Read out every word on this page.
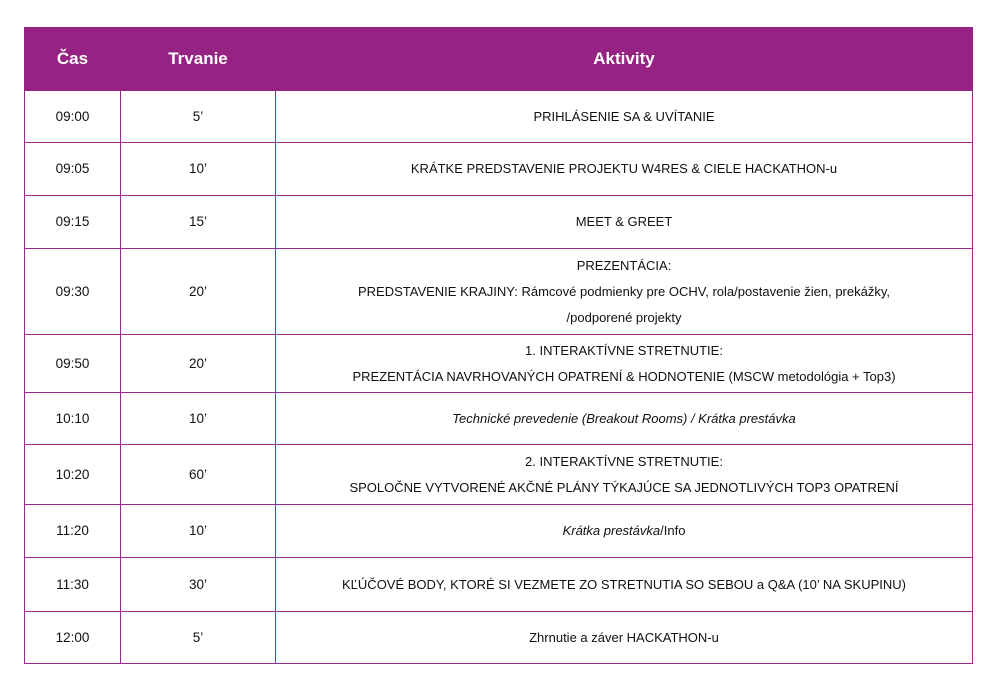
Čas	Trvanie	Aktivity
09:00	5’	PRIHLÁSENIE SA & UVÍTANIE
09:05	10’	KRÁTKE PREDSTAVENIE PROJEKTU W4RES & CIELE HACKATHON-u
09:15	15’	MEET & GREET
09:30	20’	PREZENTÁCIA:
PREDSTAVENIE KRAJINY: Rámcové podmienky pre OCHV, rola/postavenie žien, prekážky,
/podporené projekty

09:50	20’	1. INTERAKTÍVNE STRETNUTIE:
PREZENTÁCIA NAVRHOVANÝCH OPATRENÍ & HODNOTENIE (MSCW metodológia + Top3)

10:10	10’	Technické prevedenie (Breakout Rooms) / Krátka prestávka
10:20	60’	2. INTERAKTÍVNE STRETNUTIE:
SPOLOČNE VYTVORENÉ AKČNÉ PLÁNY TÝKAJÚCE SA JEDNOTLIVÝCH TOP3 OPATRENÍ

11:20	10’	Krátka prestávka/Info
11:30	30’	KĽÚČOVÉ BODY, KTORÉ SI VEZMETE ZO STRETNUTIA SO SEBOU a Q&A (10’ NA SKUPINU)
12:00	5’	Zhrnutie a záver HACKATHON-u
